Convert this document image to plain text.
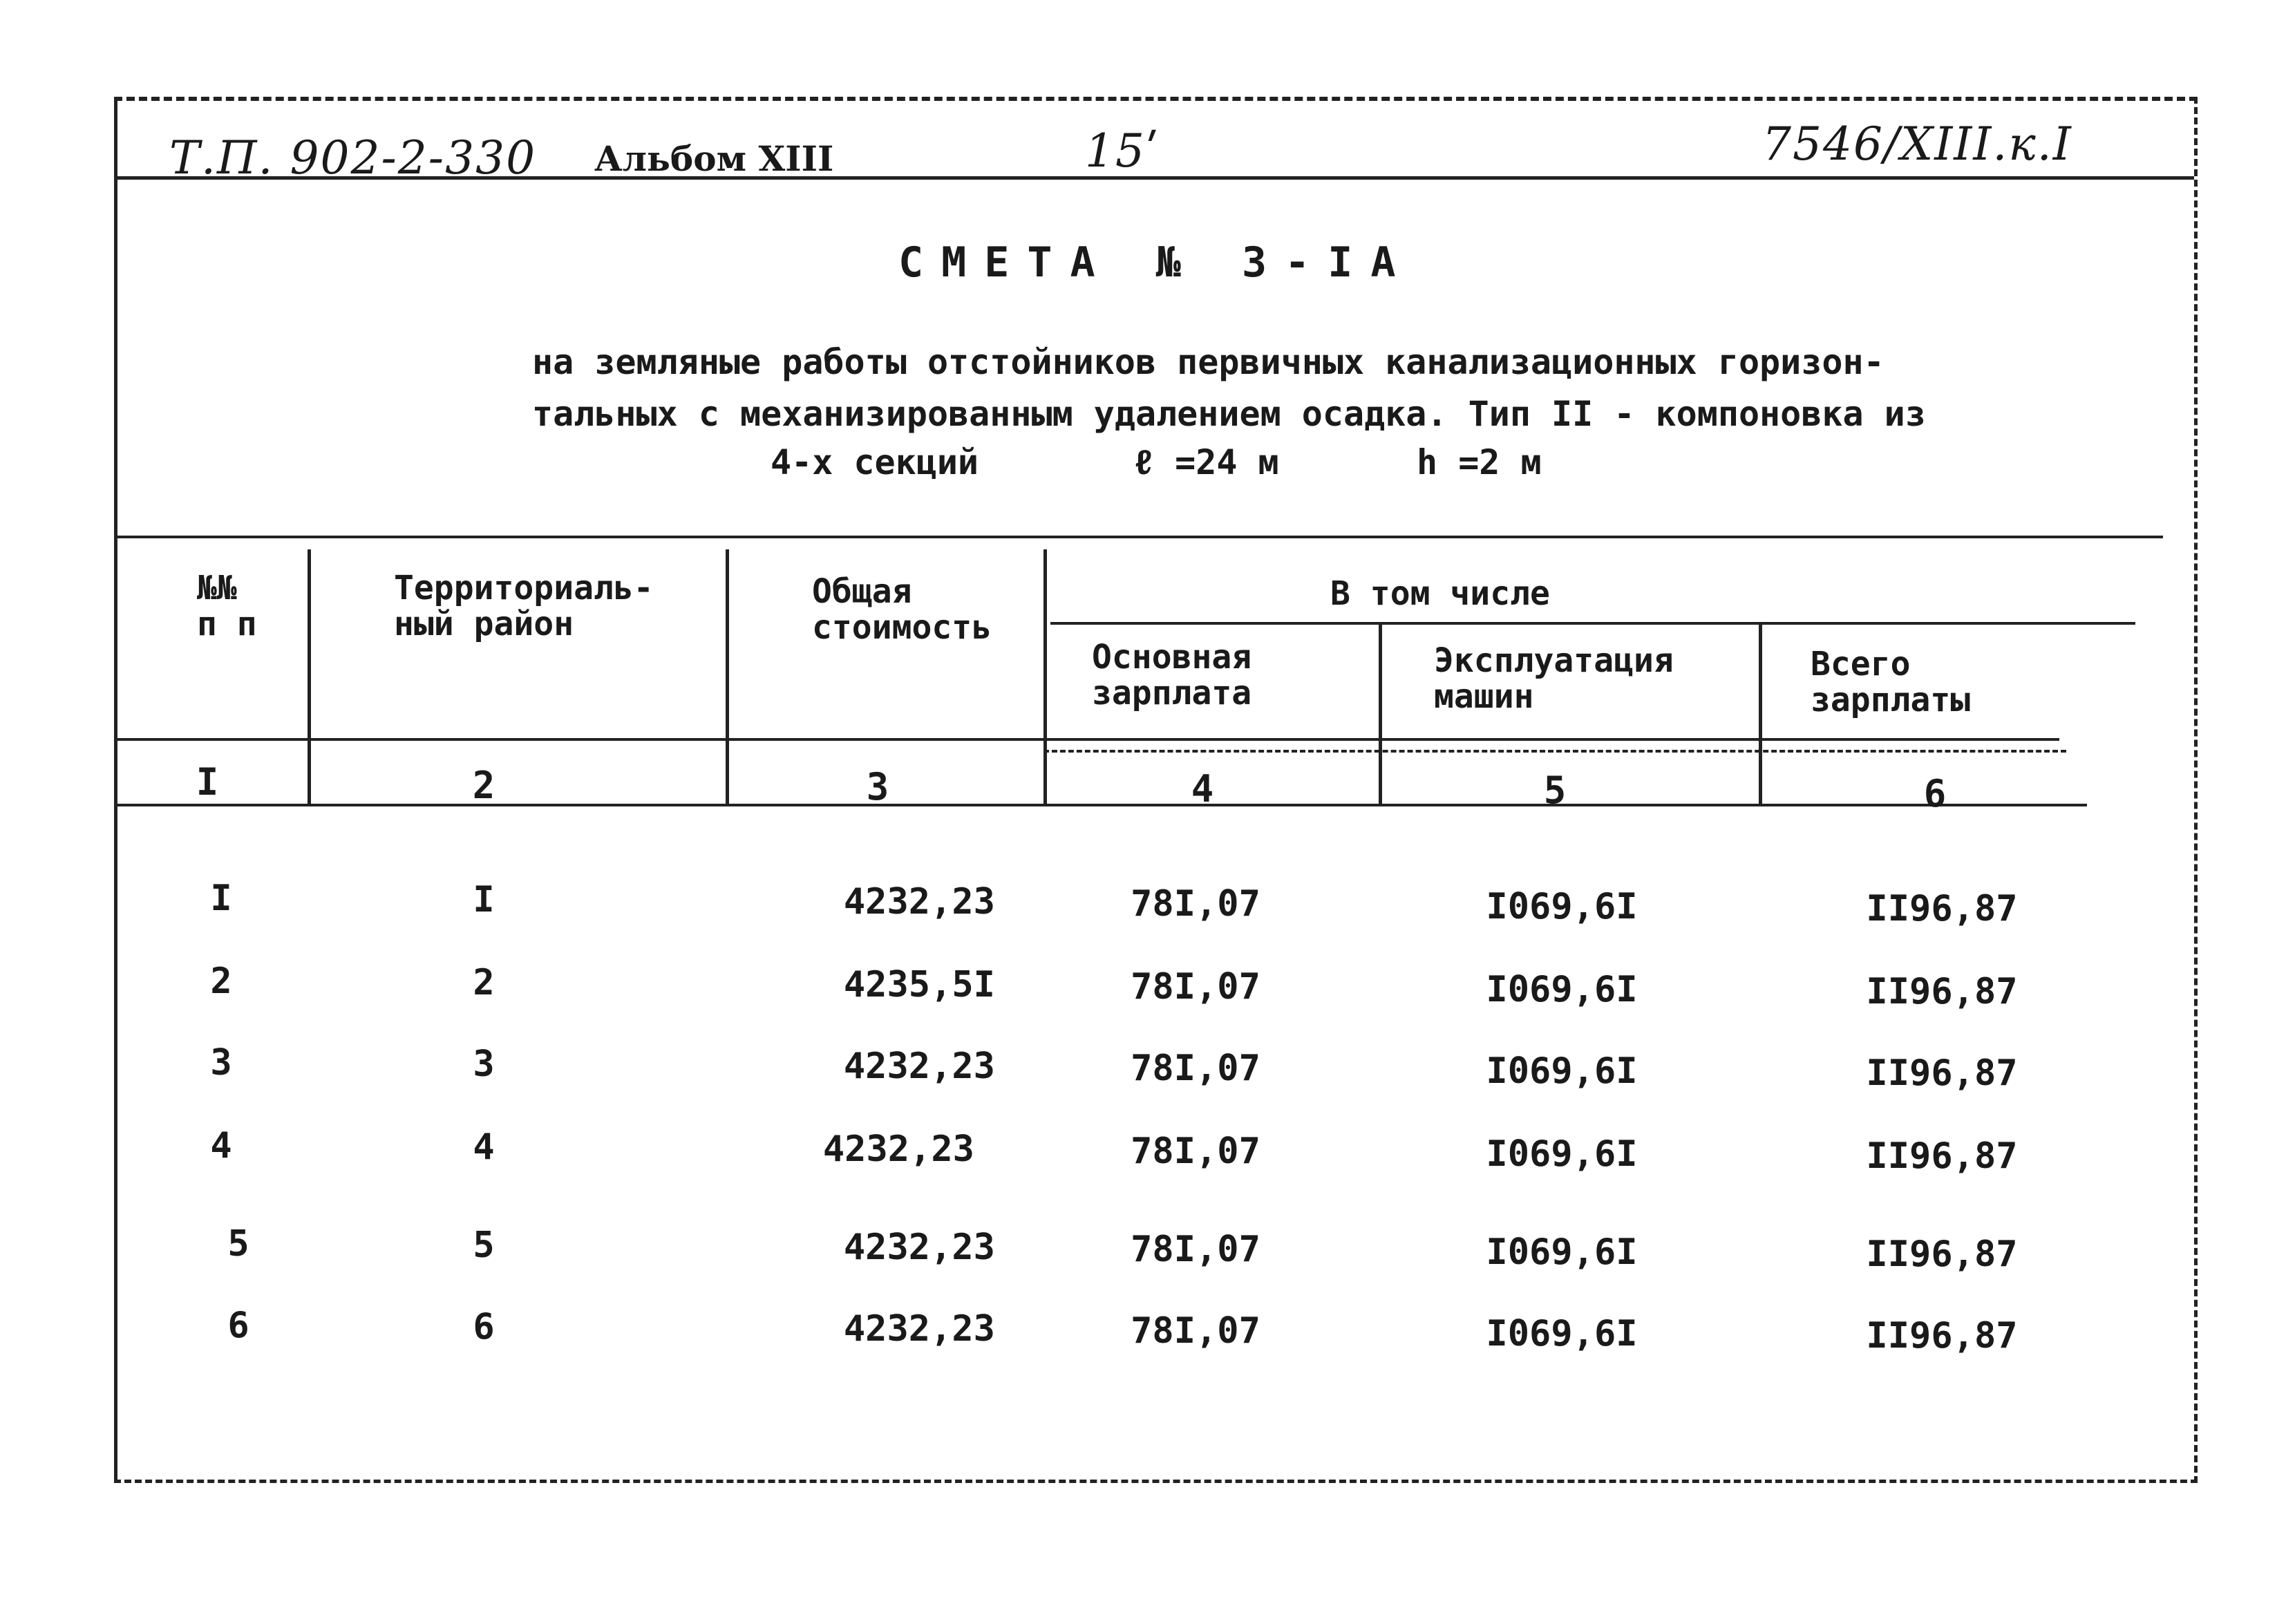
Т.П. 902-2-330 Альбом XIII	15ʹ	7546/XIII.к.I
СМЕТА № 3-IA
на земляные работы отстойников первичных канализационных горизон-
тальных с механизированным удалением осадка. Тип II - компоновка из
4-х секций	ℓ =24 м	h =2 м
№№
п п
Территориаль-
ный район
Общая
стоимость
В том числе
Основная
зарплата
Эксплуатация
машин
Всего
зарплаты
I	2	3	4	5	6
I	I	4232,23	78I,07	I069,6I	II96,87
2	2	4235,5I	78I,07	I069,6I	II96,87
3	3	4232,23	78I,07	I069,6I	II96,87
4	4	4232,23	78I,07	I069,6I	II96,87
5	5	4232,23	78I,07	I069,6I	II96,87
6	6	4232,23	78I,07	I069,6I	II96,87
